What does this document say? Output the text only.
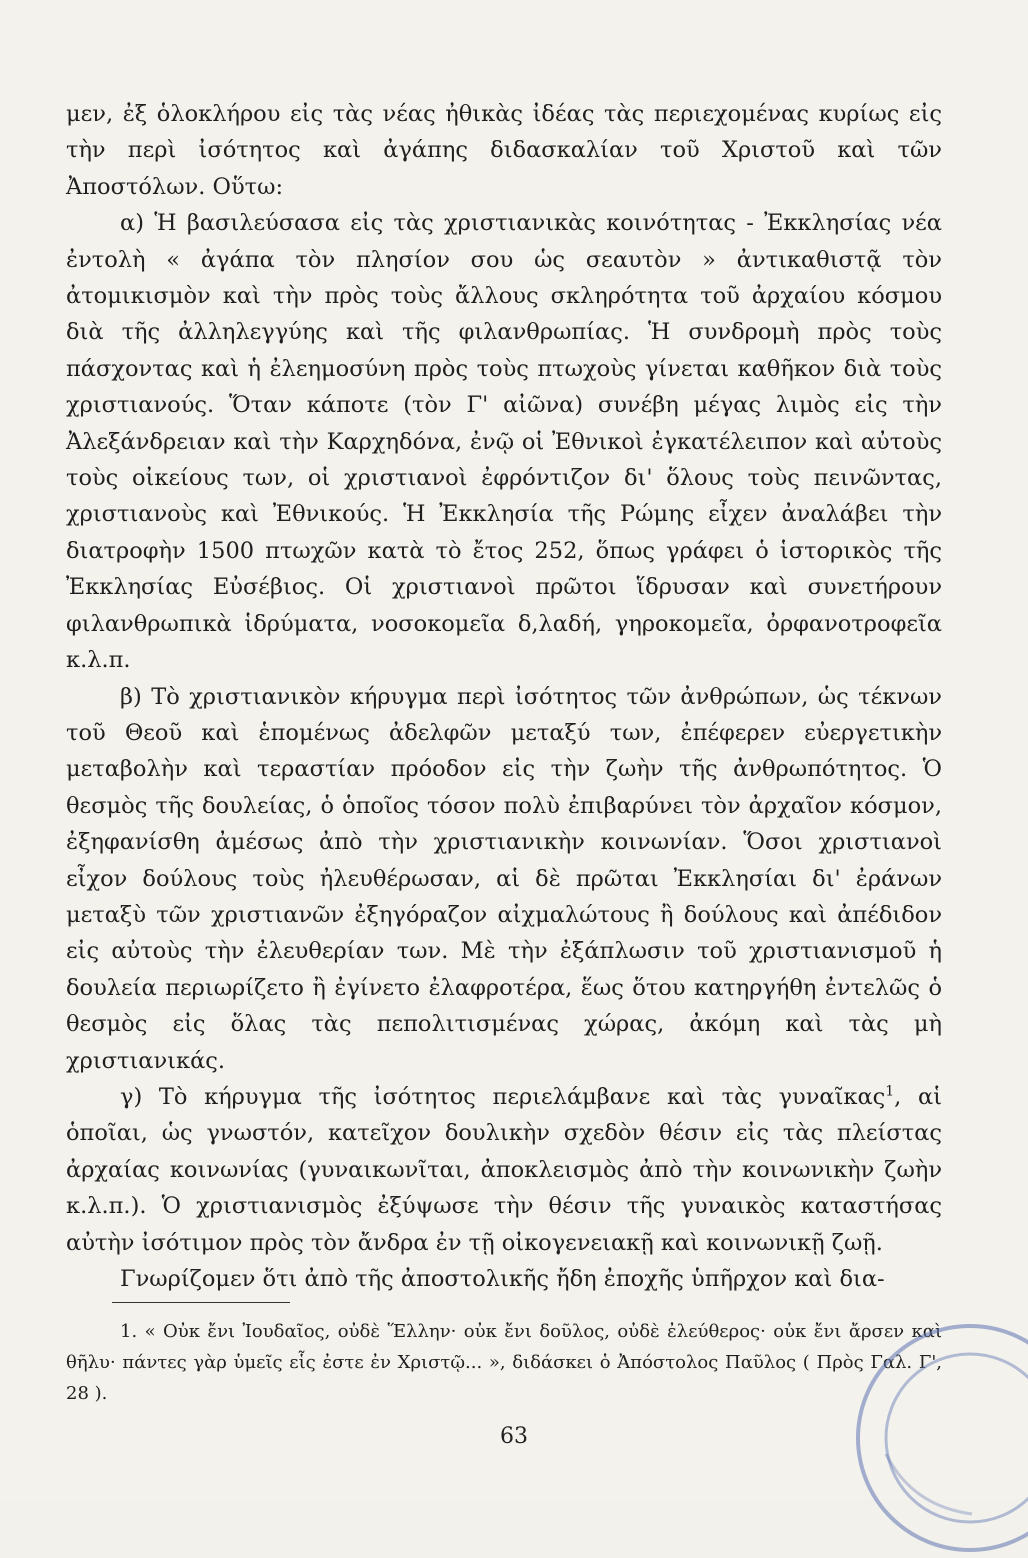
μεν, ἐξ ὁλοκλήρου εἰς τὰς νέας ἠθικὰς ἰδέας τὰς περιεχομένας κυρίως εἰς τὴν περὶ ἰσότητος καὶ ἀγάπης διδασκαλίαν τοῦ Χριστοῦ καὶ τῶν Ἀποστόλων. Οὕτω:

α) Ἡ βασιλεύσασα εἰς τὰς χριστιανικὰς κοινότητας - Ἐκκλησίας νέα ἐντολὴ « ἀγάπα τὸν πλησίον σου ὡς σεαυτὸν » ἀντικαθιστᾷ τὸν ἀτομικισμὸν καὶ τὴν πρὸς τοὺς ἄλλους σκληρότητα τοῦ ἀρχαίου κόσμου διὰ τῆς ἀλληλεγγύης καὶ τῆς φιλανθρωπίας. Ἡ συνδρομὴ πρὸς τοὺς πάσχοντας καὶ ἡ ἐλεημοσύνη πρὸς τοὺς πτωχοὺς γίνεται καθῆκον διὰ τοὺς χριστιανούς. Ὅταν κάποτε (τὸν Γ' αἰῶνα) συνέβη μέγας λιμὸς εἰς τὴν Ἀλεξάνδρειαν καὶ τὴν Καρχηδόνα, ἐνῷ οἱ Ἐθνικοὶ ἐγκατέλειπον καὶ αὐτοὺς τοὺς οἰκείους των, οἱ χριστιανοὶ ἐφρόντιζον δι' ὅλους τοὺς πεινῶντας, χριστιανοὺς καὶ Ἐθνικούς. Ἡ Ἐκκλησία τῆς Ρώμης εἶχεν ἀναλάβει τὴν διατροφὴν 1500 πτωχῶν κατὰ τὸ ἔτος 252, ὅπως γράφει ὁ ἱστορικὸς τῆς Ἐκκλησίας Εὐσέβιος. Οἱ χριστιανοὶ πρῶτοι ἵδρυσαν καὶ συνετήρουν φιλανθρωπικὰ ἱδρύματα, νοσοκομεῖα δ,λαδή, γηροκομεῖα, ὀρφανοτροφεῖα κ.λ.π.

β) Τὸ χριστιανικὸν κήρυγμα περὶ ἰσότητος τῶν ἀνθρώπων, ὡς τέκνων τοῦ Θεοῦ καὶ ἑπομένως ἀδελφῶν μεταξύ των, ἐπέφερεν εὐεργετικὴν μεταβολὴν καὶ τεραστίαν πρόοδον εἰς τὴν ζωὴν τῆς ἀνθρωπότητος. Ὁ θεσμὸς τῆς δουλείας, ὁ ὁποῖος τόσον πολὺ ἐπιβαρύνει τὸν ἀρχαῖον κόσμον, ἐξηφανίσθη ἀμέσως ἀπὸ τὴν χριστιανικὴν κοινωνίαν. Ὅσοι χριστιανοὶ εἶχον δούλους τοὺς ἠλευθέρωσαν, αἱ δὲ πρῶται Ἐκκλησίαι δι' ἐράνων μεταξὺ τῶν χριστιανῶν ἐξηγόραζον αἰχμαλώτους ἢ δούλους καὶ ἀπέδιδον εἰς αὐτοὺς τὴν ἐλευθερίαν των. Μὲ τὴν ἐξάπλωσιν τοῦ χριστιανισμοῦ ἡ δουλεία περιωρίζετο ἢ ἐγίνετο ἐλαφροτέρα, ἕως ὅτου κατηργήθη ἐντελῶς ὁ θεσμὸς εἰς ὅλας τὰς πεπολιτισμένας χώρας, ἀκόμη καὶ τὰς μὴ χριστιανικάς.

γ) Τὸ κήρυγμα τῆς ἰσότητος περιελάμβανε καὶ τὰς γυναῖκας$^1$, αἱ ὁποῖαι, ὡς γνωστόν, κατεῖχον δουλικὴν σχεδὸν θέσιν εἰς τὰς πλείστας ἀρχαίας κοινωνίας (γυναικωνῖται, ἀποκλεισμὸς ἀπὸ τὴν κοινωνικὴν ζωὴν κ.λ.π.). Ὁ χριστιανισμὸς ἐξύψωσε τὴν θέσιν τῆς γυναικὸς καταστήσας αὐτὴν ἰσότιμον πρὸς τὸν ἄνδρα ἐν τῇ οἰκογενειακῇ καὶ κοινωνικῇ ζωῇ.

Γνωρίζομεν ὅτι ἀπὸ τῆς ἀποστολικῆς ἤδη ἐποχῆς ὑπῆρχον καὶ δια-

1. « Οὐκ ἔνι Ἰουδαῖος, οὐδὲ Ἕλλην· οὐκ ἔνι δοῦλος, οὐδὲ ἐλεύθερος· οὐκ ἔνι ἄρσεν καὶ θῆλυ· πάντες γὰρ ὑμεῖς εἷς ἐστε ἐν Χριστῷ... », διδάσκει ὁ Ἀπόστολος Παῦλος ( Πρὸς Γαλ. Γ', 28 ).

63
